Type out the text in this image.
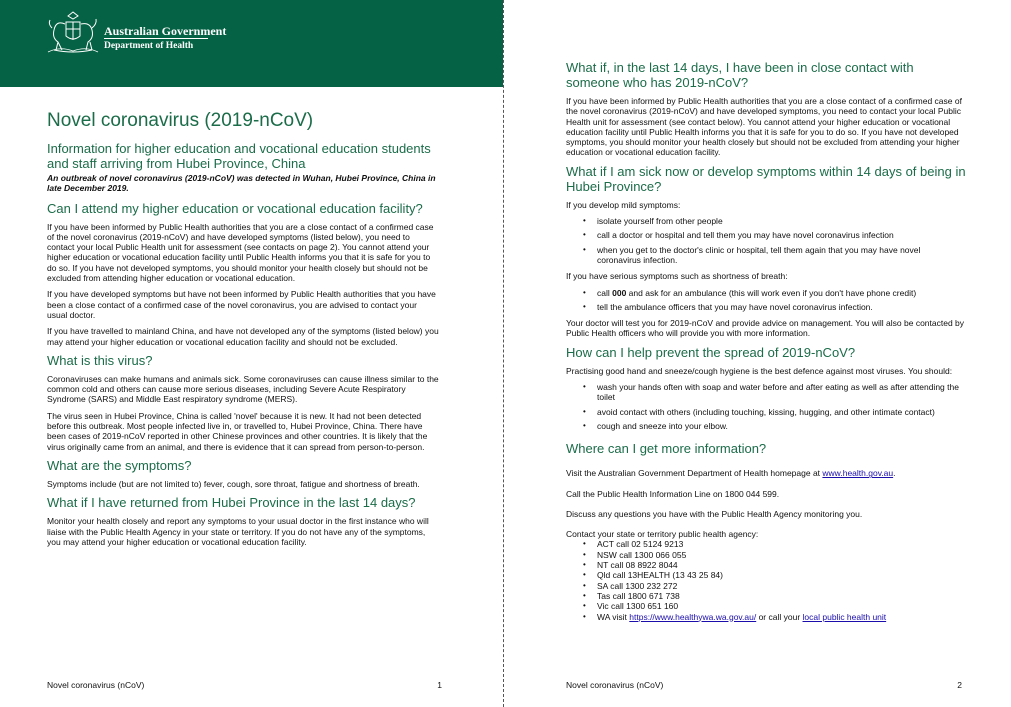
Australian Government
Department of Health
Novel coronavirus (2019-nCoV)
Information for higher education and vocational education students and staff arriving from Hubei Province, China
An outbreak of novel coronavirus (2019-nCoV) was detected in Wuhan, Hubei Province, China in late December 2019.
Can I attend my higher education or vocational education facility?

If you have been informed by Public Health authorities that you are a close contact of a confirmed case of the novel coronavirus (2019-nCoV) and have developed symptoms (listed below), you need to contact your local Public Health unit for assessment (see contacts on page 2). You cannot attend your higher education or vocational education facility until Public Health informs you that it is safe for you to do so. If you have not developed symptoms, you should monitor your health closely but should not be excluded from attending higher education or vocational education.

If you have developed symptoms but have not been informed by Public Health authorities that you have been a close contact of a confirmed case of the novel coronavirus, you are advised to contact your usual doctor.

If you have travelled to mainland China, and have not developed any of the symptoms (listed below) you may attend your higher education or vocational education facility and should not be excluded.

What is this virus?

Coronaviruses can make humans and animals sick. Some coronaviruses can cause illness similar to the common cold and others can cause more serious diseases, including Severe Acute Respiratory Syndrome (SARS) and Middle East respiratory syndrome (MERS).

The virus seen in Hubei Province, China is called 'novel' because it is new. It had not been detected before this outbreak. Most people infected live in, or travelled to, Hubei Province, China. There have been cases of 2019-nCoV reported in other Chinese provinces and other countries. It is likely that the virus originally came from an animal, and there is evidence that it can spread from person-to-person.

What are the symptoms?

Symptoms include (but are not limited to) fever, cough, sore throat, fatigue and shortness of breath.

What if I have returned from Hubei Province in the last 14 days?

Monitor your health closely and report any symptoms to your usual doctor in the first instance who will liaise with the Public Health Agency in your state or territory. If you do not have any of the symptoms, you may attend your higher education or vocational education facility.

Novel coronavirus (nCoV)	1
What if, in the last 14 days, I have been in close contact with someone who has 2019-nCoV?

If you have been informed by Public Health authorities that you are a close contact of a confirmed case of the novel coronavirus (2019-nCoV) and have developed symptoms, you need to contact your local Public Health unit for assessment (see contact below). You cannot attend your higher education or vocational education facility until Public Health informs you that it is safe for you to do so. If you have not developed symptoms, you should monitor your health closely but should not be excluded from attending your higher education or vocational education facility.

What if I am sick now or develop symptoms within 14 days of being in Hubei Province?

If you develop mild symptoms:

• isolate yourself from other people
• call a doctor or hospital and tell them you may have novel coronavirus infection
• when you get to the doctor's clinic or hospital, tell them again that you may have novel coronavirus infection.

If you have serious symptoms such as shortness of breath:

• call 000 and ask for an ambulance (this will work even if you don't have phone credit)
• tell the ambulance officers that you may have novel coronavirus infection.

Your doctor will test you for 2019-nCoV and provide advice on management. You will also be contacted by Public Health officers who will provide you with more information.

How can I help prevent the spread of 2019-nCoV?

Practising good hand and sneeze/cough hygiene is the best defence against most viruses. You should:

• wash your hands often with soap and water before and after eating as well as after attending the toilet
• avoid contact with others (including touching, kissing, hugging, and other intimate contact)
• cough and sneeze into your elbow.
Where can I get more information?

Visit the Australian Government Department of Health homepage at www.health.gov.au.

Call the Public Health Information Line on 1800 044 599.

Discuss any questions you have with the Public Health Agency monitoring you.

Contact your state or territory public health agency:

• ACT call 02 5124 9213
• NSW call 1300 066 055
• NT call 08 8922 8044
• Qld call 13HEALTH (13 43 25 84)
• SA call 1300 232 272
• Tas call 1800 671 738
• Vic call 1300 651 160
• WA visit https://www.healthywa.wa.gov.au/ or call your local public health unit
Novel coronavirus (nCoV)	2
